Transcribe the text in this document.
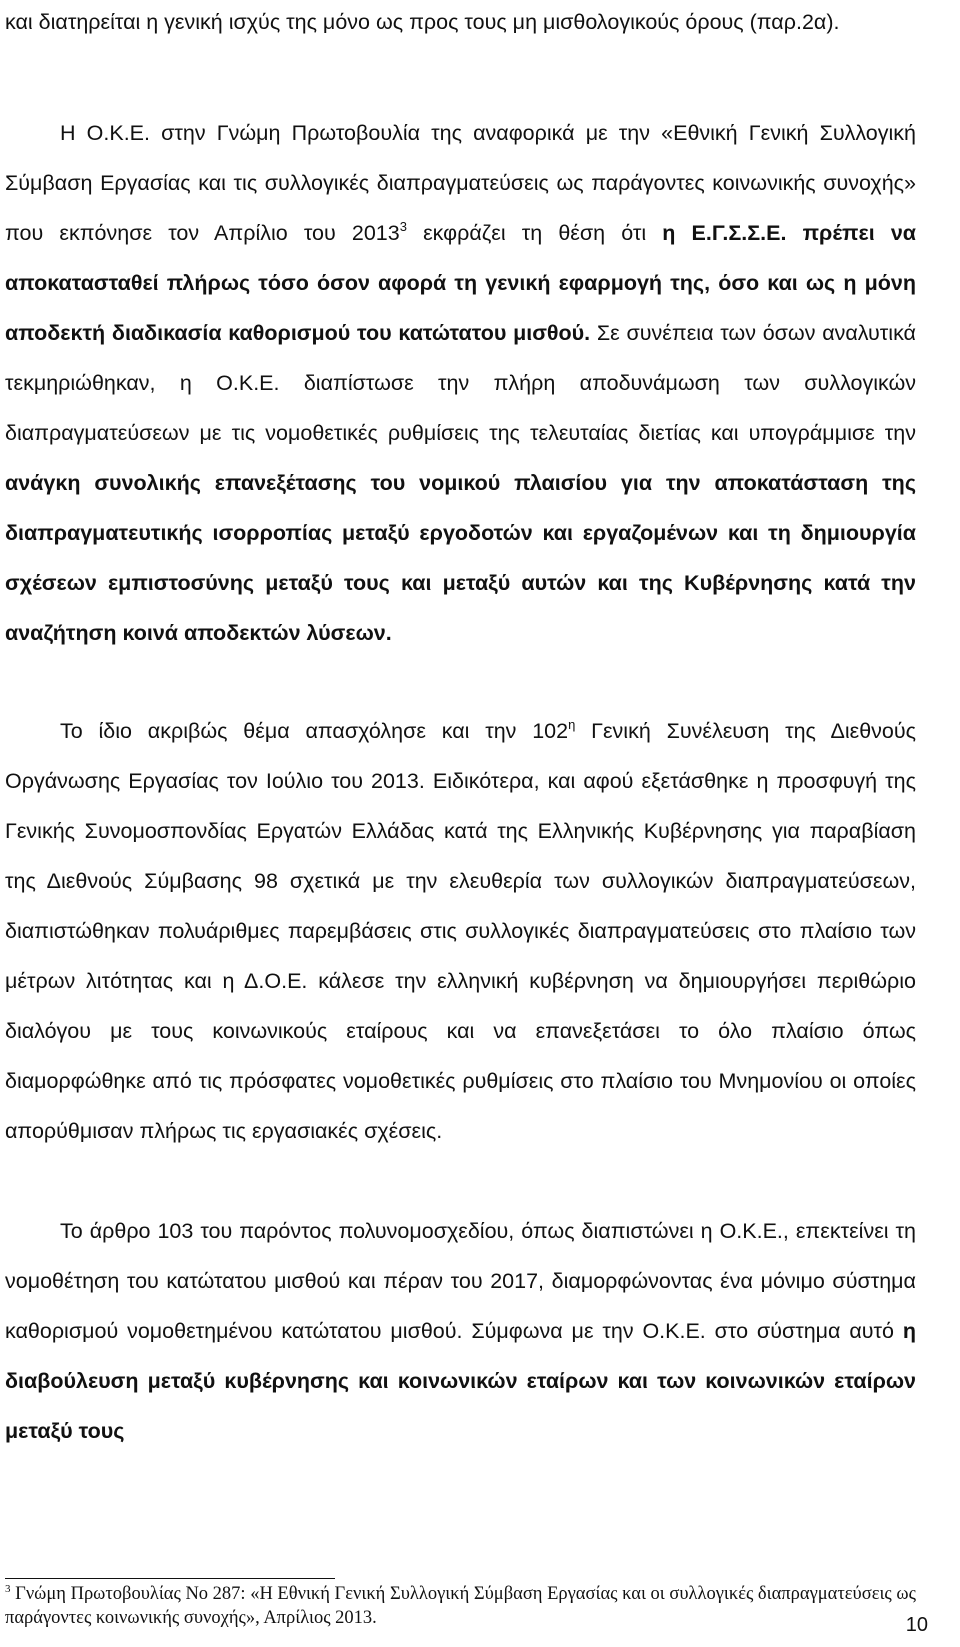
και διατηρείται η γενική ισχύς της μόνο ως προς τους μη μισθολογικούς όρους (παρ.2α).

Η Ο.Κ.Ε. στην Γνώμη Πρωτοβουλία της αναφορικά με την «Εθνική Γενική Συλλογική Σύμβαση Εργασίας και τις συλλογικές διαπραγματεύσεις ως παράγοντες κοινωνικής συνοχής» που εκπόνησε τον Απρίλιο του 2013$^3$ εκφράζει τη θέση ότι η Ε.Γ.Σ.Σ.Ε. πρέπει να αποκατασταθεί πλήρως τόσο όσον αφορά τη γενική εφαρμογή της, όσο και ως η μόνη αποδεκτή διαδικασία καθορισμού του κατώτατου μισθού. Σε συνέπεια των όσων αναλυτικά τεκμηριώθηκαν, η Ο.Κ.Ε. διαπίστωσε την πλήρη αποδυνάμωση των συλλογικών διαπραγματεύσεων με τις νομοθετικές ρυθμίσεις της τελευταίας διετίας και υπογράμμισε την ανάγκη συνολικής επανεξέτασης του νομικού πλαισίου για την αποκατάσταση της διαπραγματευτικής ισορροπίας μεταξύ εργοδοτών και εργαζομένων και τη δημιουργία σχέσεων εμπιστοσύνης μεταξύ τους και μεταξύ αυτών και της Κυβέρνησης κατά την αναζήτηση κοινά αποδεκτών λύσεων.

Το ίδιο ακριβώς θέμα απασχόλησε και την $102^\eta$ Γενική Συνέλευση της Διεθνούς Οργάνωσης Εργασίας τον Ιούλιο του 2013. Ειδικότερα, και αφού εξετάσθηκε η προσφυγή της Γενικής Συνομοσπονδίας Εργατών Ελλάδας κατά της Ελληνικής Κυβέρνησης για παραβίαση της Διεθνούς Σύμβασης 98 σχετικά με την ελευθερία των συλλογικών διαπραγματεύσεων, διαπιστώθηκαν πολυάριθμες παρεμβάσεις στις συλλογικές διαπραγματεύσεις στο πλαίσιο των μέτρων λιτότητας και η Δ.Ο.Ε. κάλεσε την ελληνική κυβέρνηση να δημιουργήσει περιθώριο διαλόγου με τους κοινωνικούς εταίρους και να επανεξετάσει το όλο πλαίσιο όπως διαμορφώθηκε από τις πρόσφατες νομοθετικές ρυθμίσεις στο πλαίσιο του Μνημονίου οι οποίες απορύθμισαν πλήρως τις εργασιακές σχέσεις.

Το άρθρο 103 του παρόντος πολυνομοσχεδίου, όπως διαπιστώνει η Ο.Κ.Ε., επεκτείνει τη νομοθέτηση του κατώτατου μισθού και πέραν του 2017, διαμορφώνοντας ένα μόνιμο σύστημα καθορισμού νομοθετημένου κατώτατου μισθού. Σύμφωνα με την Ο.Κ.Ε. στο σύστημα αυτό η διαβούλευση μεταξύ κυβέρνησης και κοινωνικών εταίρων και των κοινωνικών εταίρων μεταξύ τους

$^3$ Γνώμη Πρωτοβουλίας Νο 287: «Η Εθνική Γενική Συλλογική Σύμβαση Εργασίας και οι συλλογικές διαπραγματεύσεις ως παράγοντες κοινωνικής συνοχής», Απρίλιος 2013.	10
